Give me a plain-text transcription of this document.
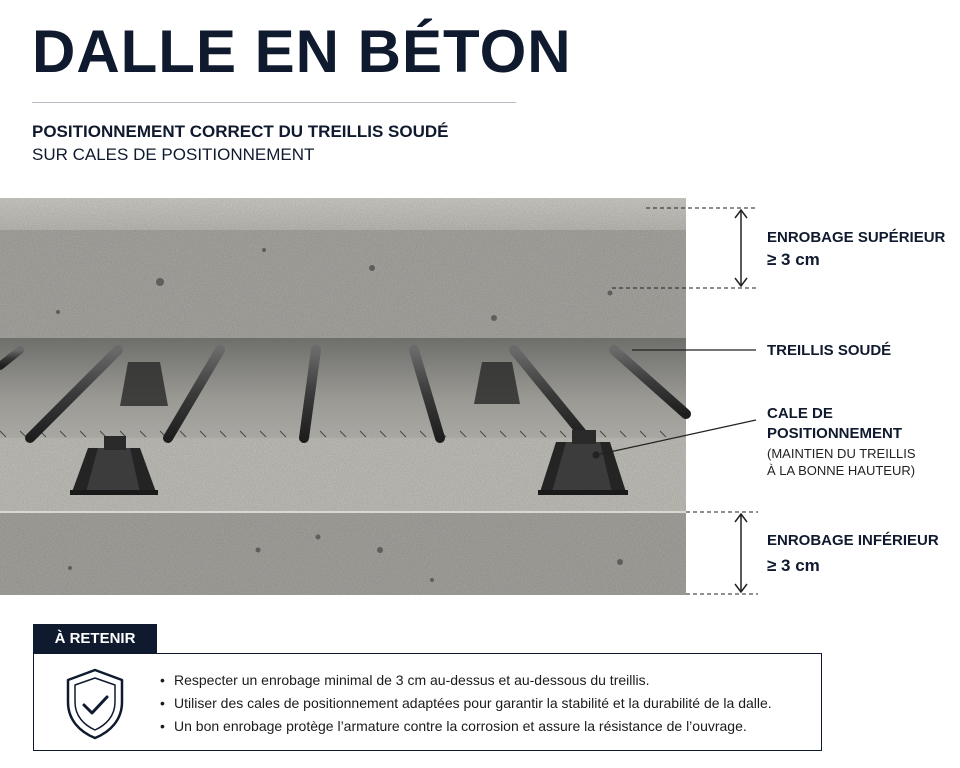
DALLE EN BÉTON
POSITIONNEMENT CORRECT DU TREILLIS SOUDÉ
SUR CALES DE POSITIONNEMENT
ENROBAGE SUPÉRIEUR
≥ 3 cm
TREILLIS SOUDÉ
CALE DE
POSITIONNEMENT
(MAINTIEN DU TREILLIS
À LA BONNE HAUTEUR)
ENROBAGE INFÉRIEUR
≥ 3 cm
À RETENIR
• Respecter un enrobage minimal de 3 cm au-dessus et au-dessous du treillis.
• Utiliser des cales de positionnement adaptées pour garantir la stabilité et la durabilité de la dalle.
• Un bon enrobage protège l’armature contre la corrosion et assure la résistance de l’ouvrage.
